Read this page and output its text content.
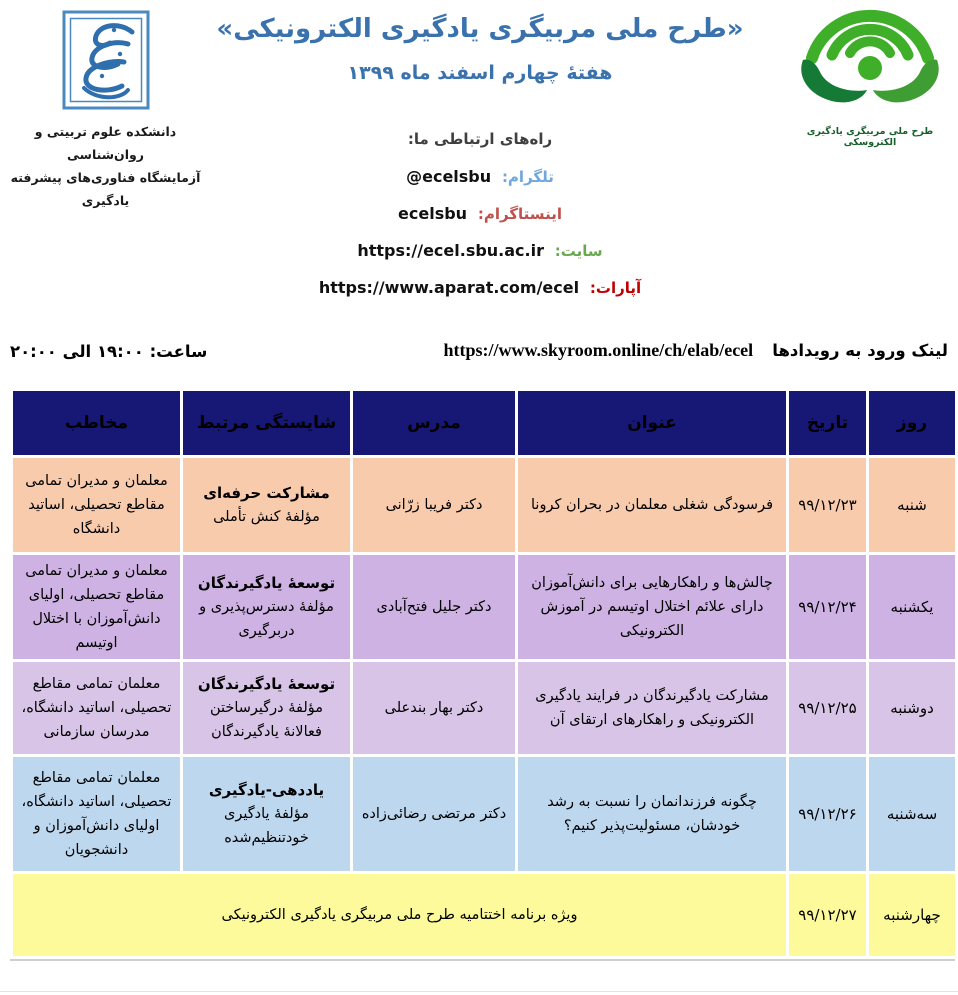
دانشکده علوم تربیتی و روان‌شناسی
آزمایشگاه فناوری‌های پیشرفته یادگیری
«طرح ملی مربیگری یادگیری الکترونیکی»
هفتهٔ چهارم اسفند ماه ۱۳۹۹
طرح ملی مربیگری یادگیری الکتروسکی
راه‌های ارتباطی ما:
تلگرام: @ecelsbu
اینستاگرام: ecelsbu
سایت: https://ecel.sbu.ac.ir
آپارات: https://www.aparat.com/ecel
ساعت: ۱۹:۰۰ الی ۲۰:۰۰	لینک ورود به رویدادها https://www.skyroom.online/ch/elab/ecel
روز	تاریخ	عنوان	مدرس	شایستگی مرتبط	مخاطب
شنبه	۹۹/۱۲/۲۳	فرسودگی شغلی معلمان در بحران کرونا	دکتر فریبا زرّانی	مشارکت حرفه‌ای
مؤلفهٔ کنش تأملی	معلمان و مدیران تمامی مقاطع تحصیلی، اساتید دانشگاه
یکشنبه	۹۹/۱۲/۲۴	چالش‌ها و راهکارهایی برای دانش‌آموزان دارای علائم اختلال اوتیسم در آموزش الکترونیکی	دکتر جلیل فتح‌آبادی	توسعهٔ یادگیرندگان
مؤلفهٔ دسترس‌پذیری و دربرگیری	معلمان و مدیران تمامی مقاطع تحصیلی، اولیای دانش‌آموزان با اختلال اوتیسم
دوشنبه	۹۹/۱۲/۲۵	مشارکت یادگیرندگان در فرایند یادگیری الکترونیکی و راهکارهای ارتقای آن	دکتر بهار بندعلی	توسعهٔ یادگیرندگان
مؤلفهٔ درگیرساختن فعالانهٔ یادگیرندگان	معلمان تمامی مقاطع تحصیلی، اساتید دانشگاه، مدرسان سازمانی
سه‌شنبه	۹۹/۱۲/۲۶	چگونه فرزندانمان را نسبت به رشد خودشان، مسئولیت‌پذیر کنیم؟	دکتر مرتضی رضائی‌زاده	یاددهی-یادگیری
مؤلفهٔ یادگیری خودتنظیم‌شده	معلمان تمامی مقاطع تحصیلی، اساتید دانشگاه، اولیای دانش‌آموزان و دانشجویان
چهارشنبه	۹۹/۱۲/۲۷	ویژه برنامه اختتامیه طرح ملی مربیگری یادگیری الکترونیکی			
